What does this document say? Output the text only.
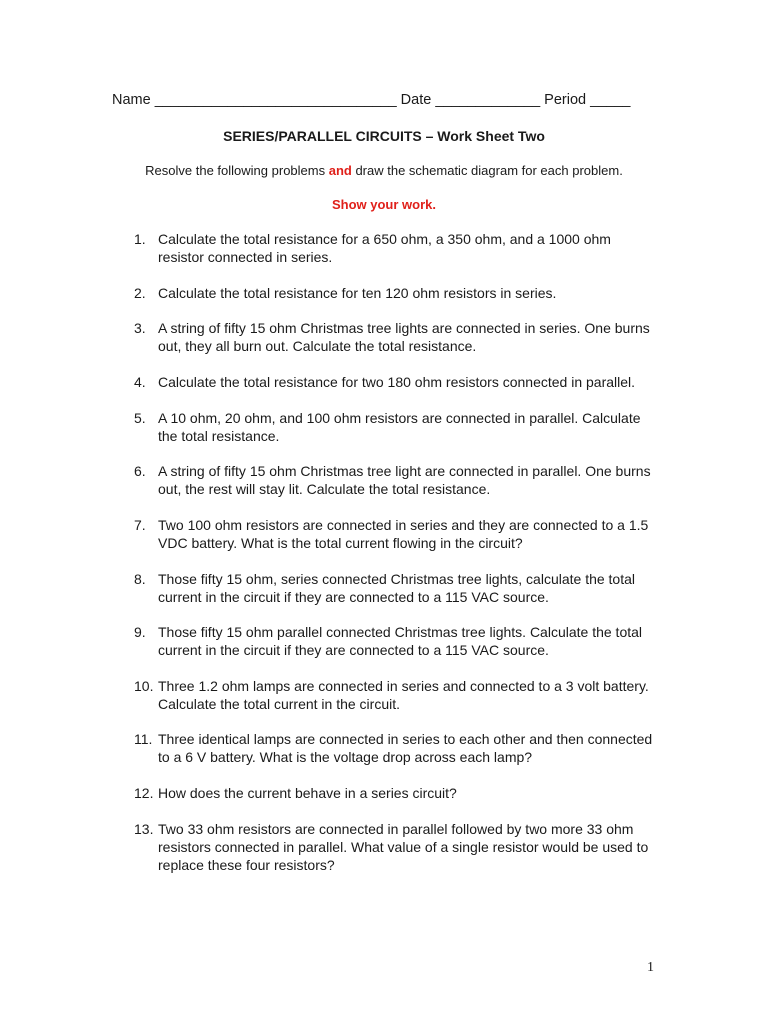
Name ______________________________ Date _____________ Period _____
SERIES/PARALLEL CIRCUITS – Work Sheet Two
Resolve the following problems and draw the schematic diagram for each problem.
Show your work.
1. Calculate the total resistance for a 650 ohm, a 350 ohm, and a 1000 ohm resistor connected in series.
2. Calculate the total resistance for ten 120 ohm resistors in series.
3. A string of fifty 15 ohm Christmas tree lights are connected in series. One burns out, they all burn out. Calculate the total resistance.
4. Calculate the total resistance for two 180 ohm resistors connected in parallel.
5. A 10 ohm, 20 ohm, and 100 ohm resistors are connected in parallel. Calculate the total resistance.
6. A string of fifty 15 ohm Christmas tree light are connected in parallel. One burns out, the rest will stay lit. Calculate the total resistance.
7. Two 100 ohm resistors are connected in series and they are connected to a 1.5 VDC battery. What is the total current flowing in the circuit?
8. Those fifty 15 ohm, series connected Christmas tree lights, calculate the total current in the circuit if they are connected to a 115 VAC source.
9. Those fifty 15 ohm parallel connected Christmas tree lights. Calculate the total current in the circuit if they are connected to a 115 VAC source.
10. Three 1.2 ohm lamps are connected in series and connected to a 3 volt battery. Calculate the total current in the circuit.
11. Three identical lamps are connected in series to each other and then connected to a 6 V battery. What is the voltage drop across each lamp?
12. How does the current behave in a series circuit?
13. Two 33 ohm resistors are connected in parallel followed by two more 33 ohm resistors connected in parallel. What value of a single resistor would be used to replace these four resistors?
1
